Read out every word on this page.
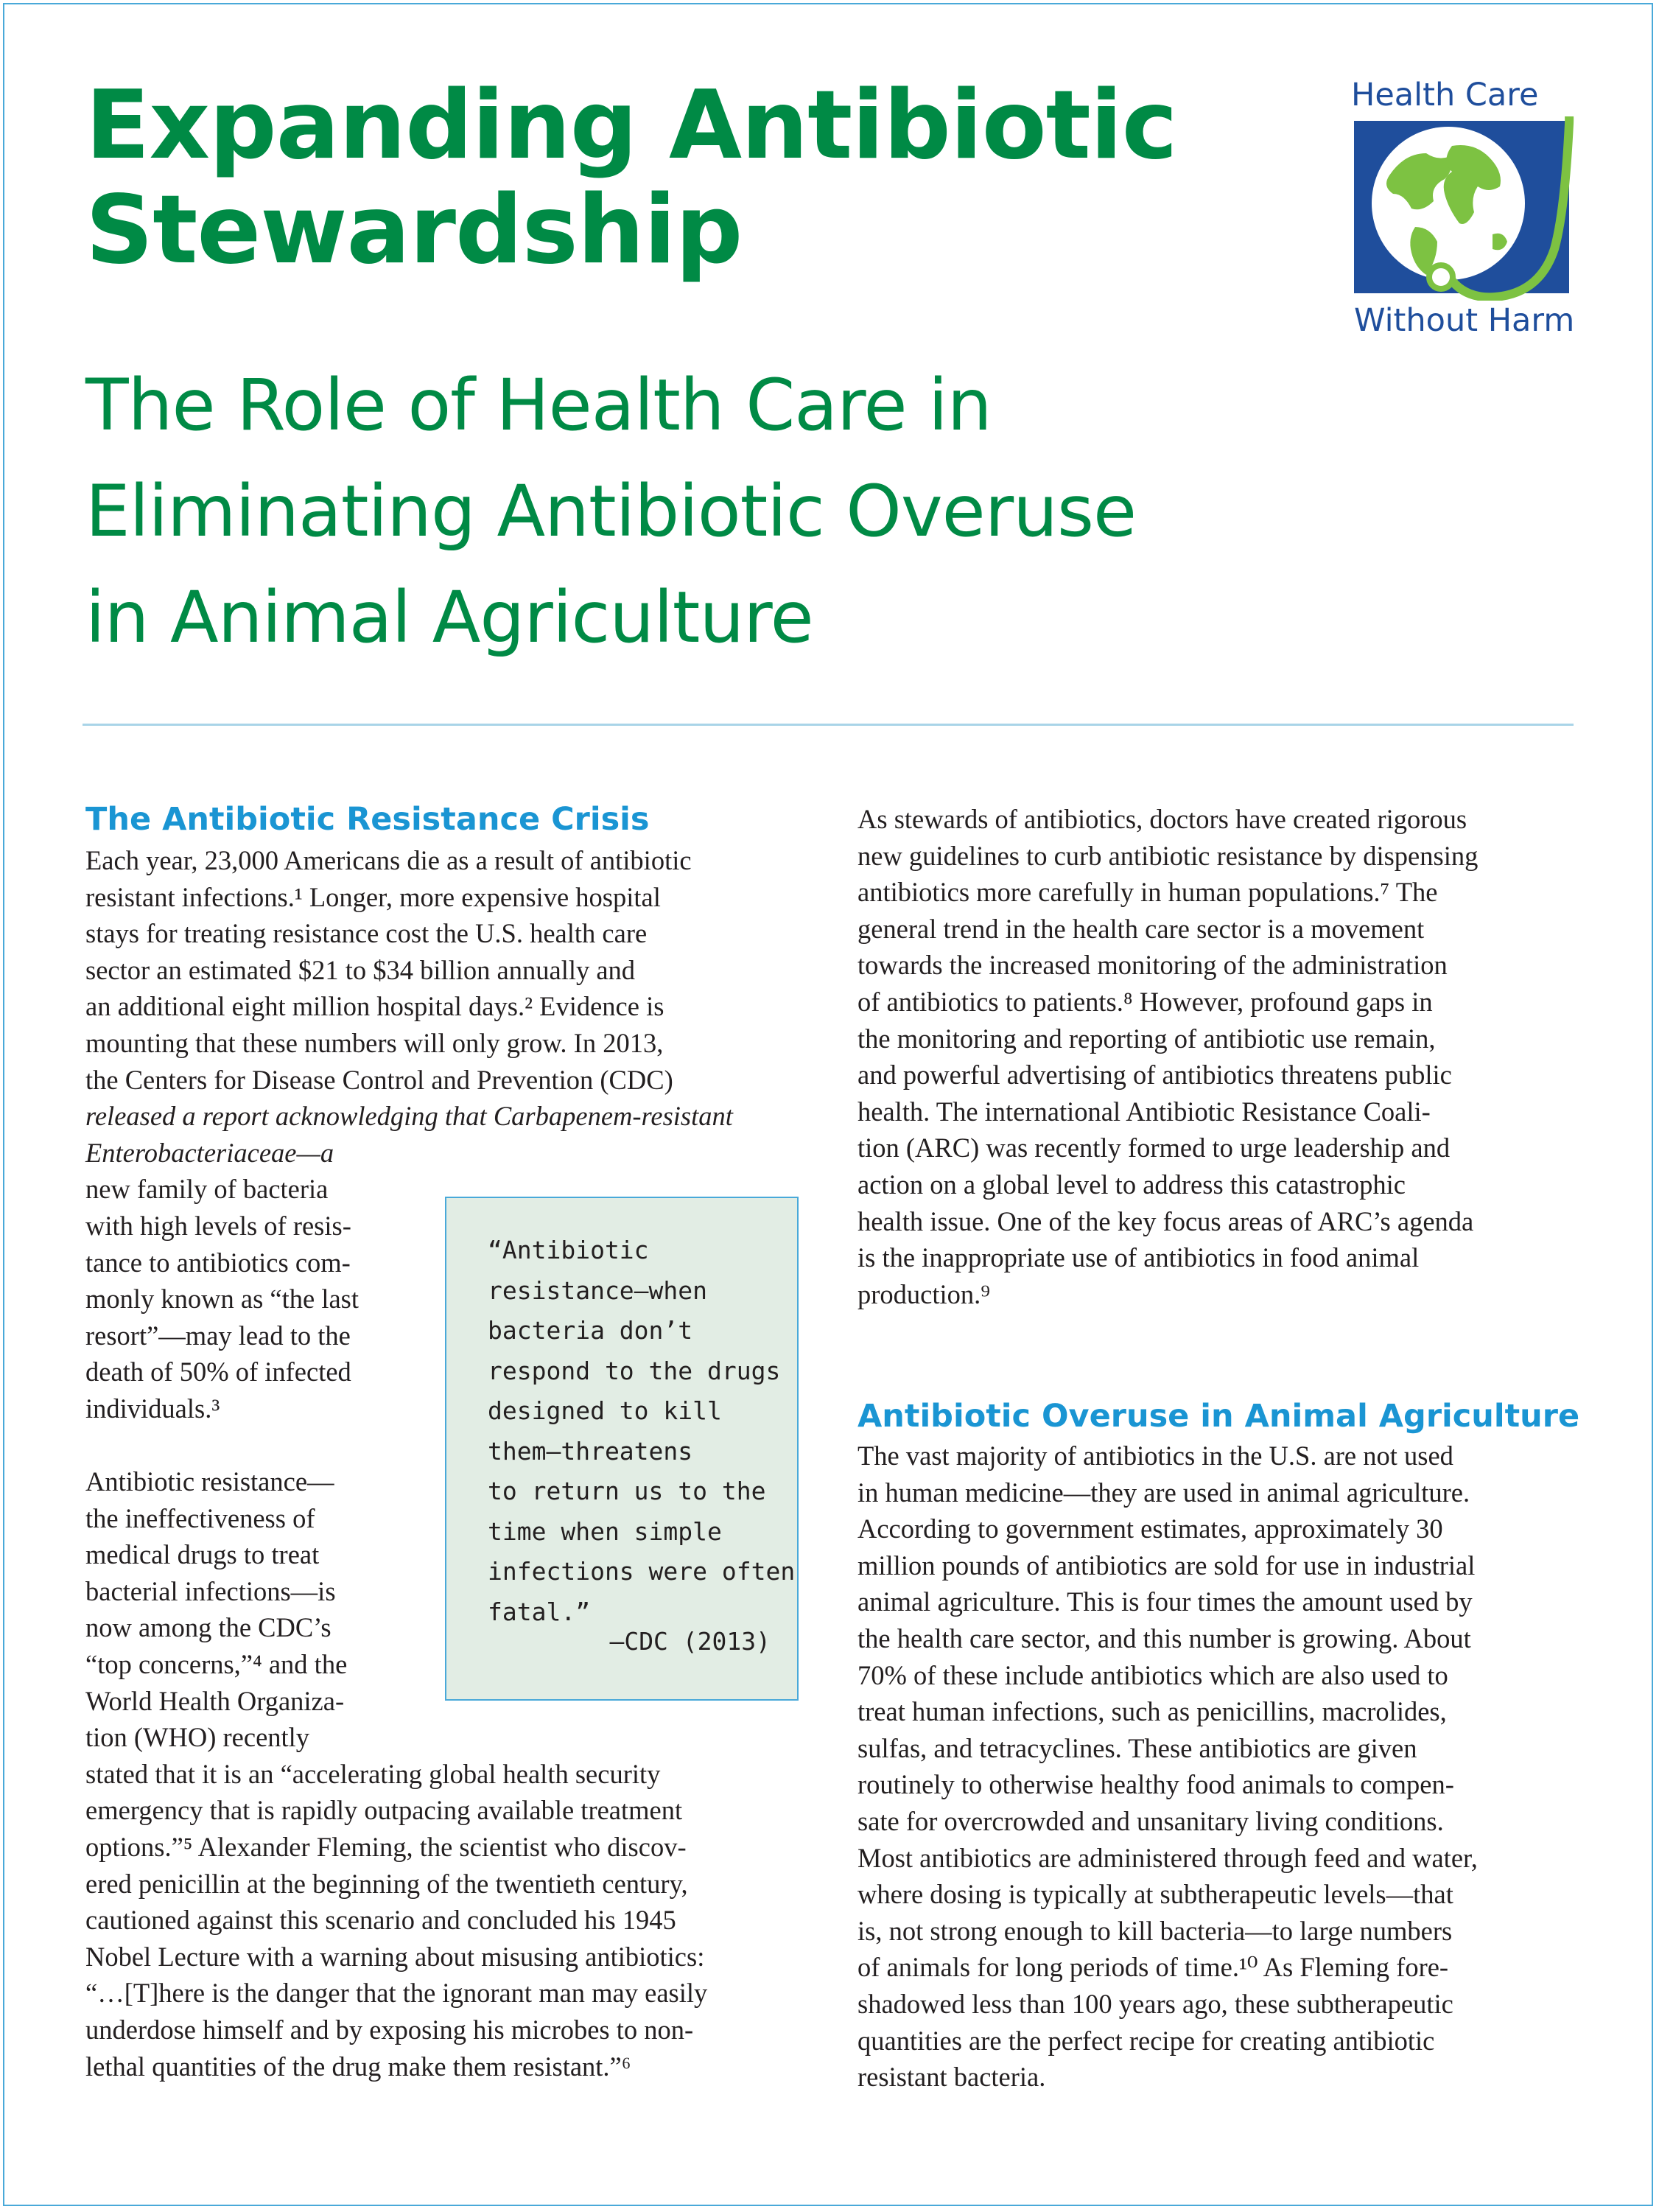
Expanding Antibiotic
Stewardship
The Role of Health Care in
Eliminating Antibiotic Overuse
in Animal Agriculture
Health Care
Without Harm
The Antibiotic Resistance Crisis
Each year, 23,000 Americans die as a result of antibiotic
resistant infections.¹ Longer, more expensive hospital
stays for treating resistance cost the U.S. health care
sector an estimated $21 to $34 billion annually and
an additional eight million hospital days.² Evidence is
mounting that these numbers will only grow. In 2013,
the Centers for Disease Control and Prevention (CDC)
released a report acknowledging that Carbapenem-resistant
Enterobacteriaceae—a
new family of bacteria
with high levels of resis-
tance to antibiotics com-
monly known as “the last
resort”—may lead to the
death of 50% of infected
individuals.³
Antibiotic resistance—
the ineffectiveness of
medical drugs to treat
bacterial infections—is
now among the CDC’s
“top concerns,”⁴ and the
World Health Organiza-
tion (WHO) recently
stated that it is an “accelerating global health security
emergency that is rapidly outpacing available treatment
options.”⁵ Alexander Fleming, the scientist who discov-
ered penicillin at the beginning of the twentieth century,
cautioned against this scenario and concluded his 1945
Nobel Lecture with a warning about misusing antibiotics:
“…[T]here is the danger that the ignorant man may easily
underdose himself and by exposing his microbes to non-
lethal quantities of the drug make them resistant.”⁶
“Antibiotic
resistance—when
bacteria don’t
respond to the drugs
designed to kill
them—threatens
to return us to the
time when simple
infections were often
fatal.”
–CDC (2013)
As stewards of antibiotics, doctors have created rigorous
new guidelines to curb antibiotic resistance by dispensing
antibiotics more carefully in human populations.⁷ The
general trend in the health care sector is a movement
towards the increased monitoring of the administration
of antibiotics to patients.⁸ However, profound gaps in
the monitoring and reporting of antibiotic use remain,
and powerful advertising of antibiotics threatens public
health. The international Antibiotic Resistance Coali-
tion (ARC) was recently formed to urge leadership and
action on a global level to address this catastrophic
health issue. One of the key focus areas of ARC’s agenda
is the inappropriate use of antibiotics in food animal
production.⁹
Antibiotic Overuse in Animal Agriculture
The vast majority of antibiotics in the U.S. are not used
in human medicine—they are used in animal agriculture.
According to government estimates, approximately 30
million pounds of antibiotics are sold for use in industrial
animal agriculture. This is four times the amount used by
the health care sector, and this number is growing. About
70% of these include antibiotics which are also used to
treat human infections, such as penicillins, macrolides,
sulfas, and tetracyclines. These antibiotics are given
routinely to otherwise healthy food animals to compen-
sate for overcrowded and unsanitary living conditions.
Most antibiotics are administered through feed and water,
where dosing is typically at subtherapeutic levels—that
is, not strong enough to kill bacteria—to large numbers
of animals for long periods of time.¹⁰ As Fleming fore-
shadowed less than 100 years ago, these subtherapeutic
quantities are the perfect recipe for creating antibiotic
resistant bacteria.
